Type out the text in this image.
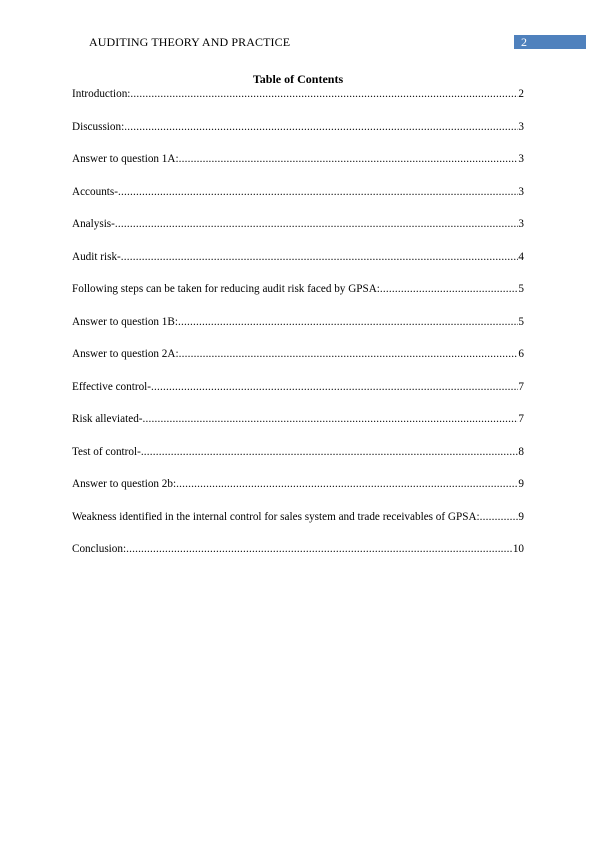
AUDITING THEORY AND PRACTICE	2
Table of Contents
Introduction: .....	2
Discussion: .....	3
Answer to question 1A: .....	3
Accounts- .....	3
Analysis- .....	3
Audit risk- .....	4
Following steps can be taken for reducing audit risk faced by GPSA: .....	5
Answer to question 1B: .....	5
Answer to question 2A: .....	6
Effective control- .....	7
Risk alleviated- .....	7
Test of control- .....	8
Answer to question 2b: .....	9
Weakness identified in the internal control for sales system and trade receivables of GPSA: .....	9
Conclusion: .....	10
